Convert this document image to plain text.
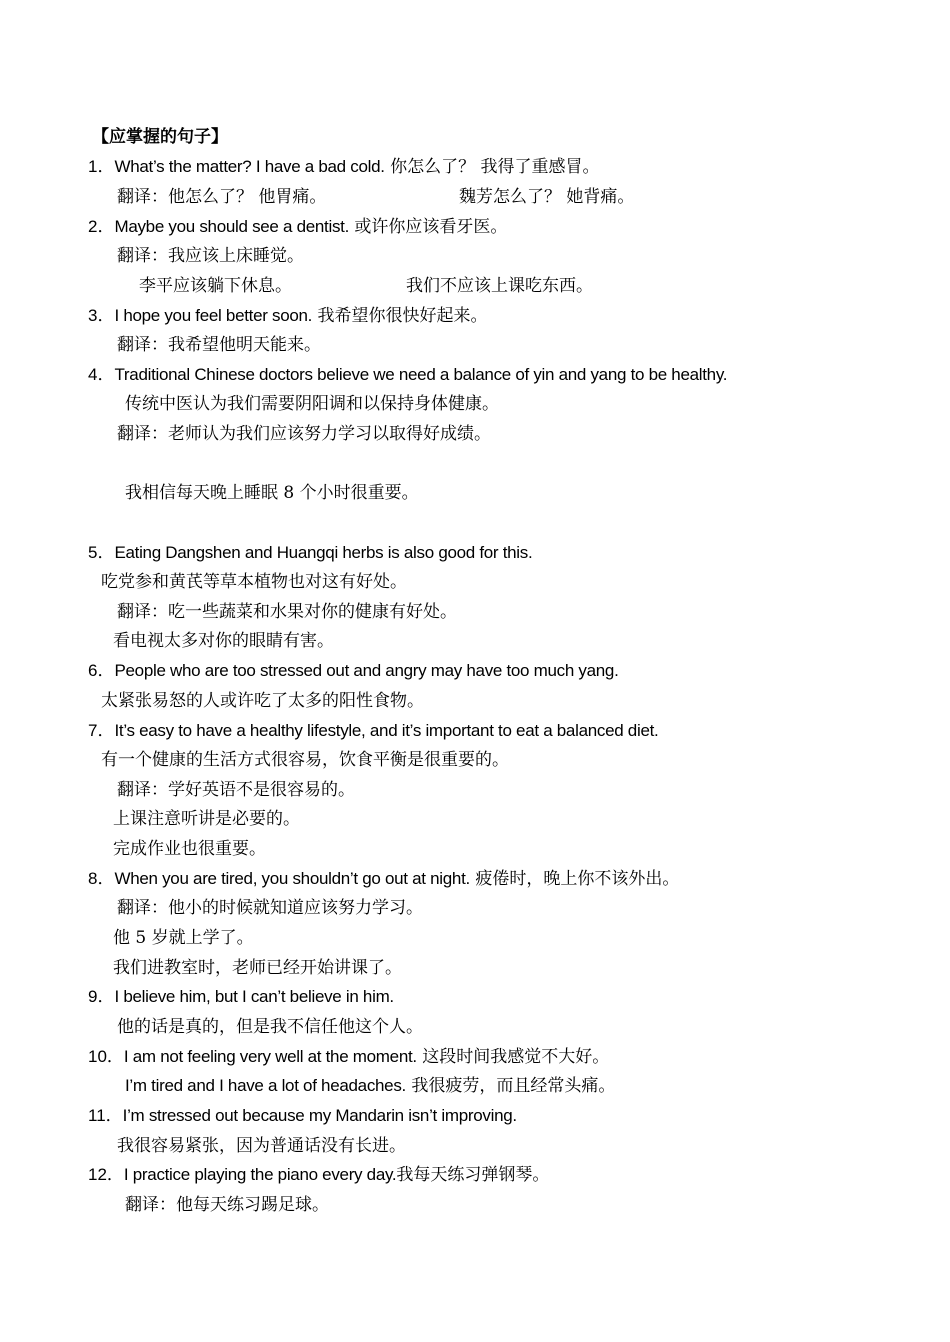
【应掌握的句子】
1．What’s the matter? I have a bad cold. 你怎么了？ 我得了重感冒。
翻译：他怎么了？ 他胃痛。	魏芳怎么了？ 她背痛。
2．Maybe you should see a dentist. 或许你应该看牙医。
翻译：我应该上床睡觉。
李平应该躺下休息。	我们不应该上课吃东西。
3．I hope you feel better soon. 我希望你很快好起来。
翻译：我希望他明天能来。
4．Traditional Chinese doctors believe we need a balance of yin and yang to be healthy.
传统中医认为我们需要阴阳调和以保持身体健康。
翻译：老师认为我们应该努力学习以取得好成绩。
我相信每天晚上睡眠 8 个小时很重要。
5．Eating Dangshen and Huangqi herbs is also good for this.
吃党参和黄芪等草本植物也对这有好处。
翻译：吃一些蔬菜和水果对你的健康有好处。
看电视太多对你的眼睛有害。
6．People who are too stressed out and angry may have too much yang.
太紧张易怒的人或许吃了太多的阳性食物。
7．It’s easy to have a healthy lifestyle, and it’s important to eat a balanced diet.
有一个健康的生活方式很容易，饮食平衡是很重要的。
翻译：学好英语不是很容易的。
上课注意听讲是必要的。
完成作业也很重要。
8．When you are tired, you shouldn’t go out at night. 疲倦时，晚上你不该外出。
翻译：他小的时候就知道应该努力学习。
他 5 岁就上学了。
我们进教室时，老师已经开始讲课了。
9．I believe him, but I can’t believe in him.
他的话是真的，但是我不信任他这个人。
10．I am not feeling very well at the moment. 这段时间我感觉不大好。
I’m tired and I have a lot of headaches. 我很疲劳，而且经常头痛。
11．I’m stressed out because my Mandarin isn’t improving.
我很容易紧张，因为普通话没有长进。
12．I practice playing the piano every day.我每天练习弹钢琴。
翻译：他每天练习踢足球。
